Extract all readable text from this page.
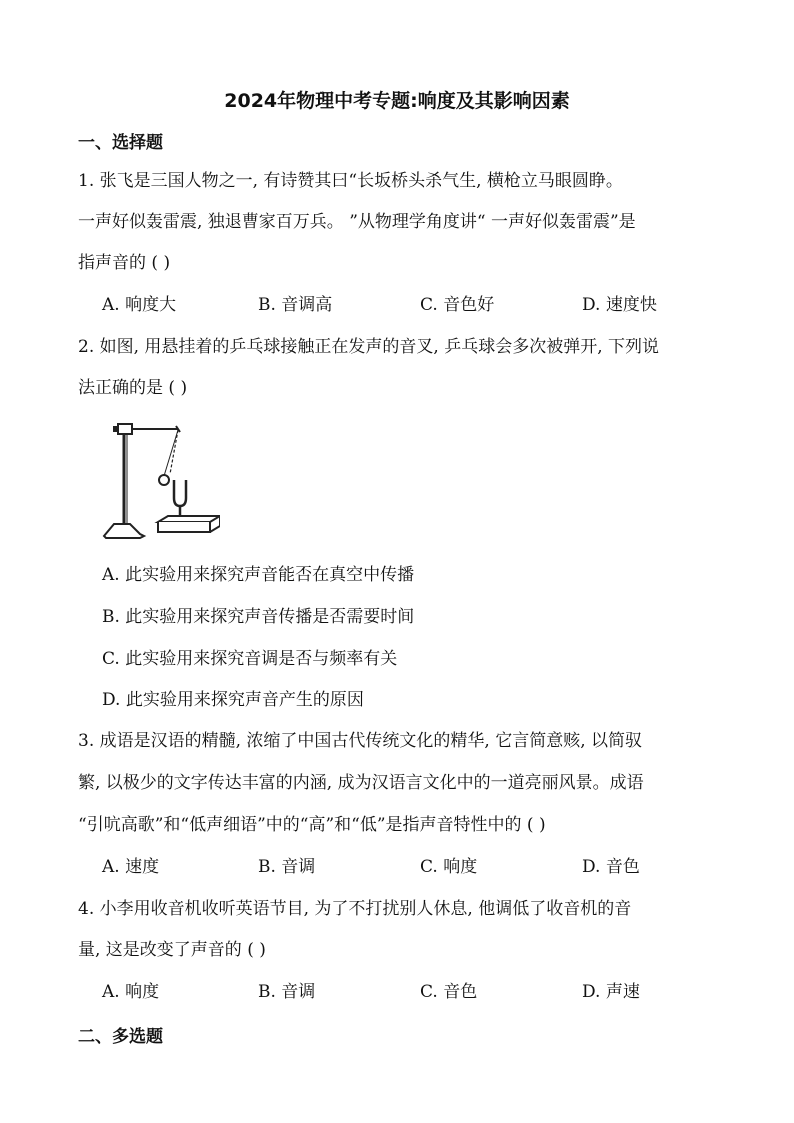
2024年物理中考专题:响度及其影响因素
一、选择题
1. 张飞是三国人物之一, 有诗赞其曰“长坂桥头杀气生, 横枪立马眼圆睁。
一声好似轰雷震, 独退曹家百万兵。 ”从物理学角度讲“ 一声好似轰雷震”是
指声音的 ( )
A. 响度大	B. 音调高	C. 音色好	D. 速度快
2. 如图, 用悬挂着的乒乓球接触正在发声的音叉, 乒乓球会多次被弹开, 下列说
法正确的是 ( )
A. 此实验用来探究声音能否在真空中传播
B. 此实验用来探究声音传播是否需要时间
C. 此实验用来探究音调是否与频率有关
D. 此实验用来探究声音产生的原因
3. 成语是汉语的精髓, 浓缩了中国古代传统文化的精华, 它言简意赅, 以简驭
繁, 以极少的文字传达丰富的内涵, 成为汉语言文化中的一道亮丽风景。成语
“引吭高歌”和“低声细语”中的“高”和“低”是指声音特性中的 ( )
A. 速度	B. 音调	C. 响度	D. 音色
4. 小李用收音机收听英语节目, 为了不打扰别人休息, 他调低了收音机的音
量, 这是改变了声音的 ( )
A. 响度	B. 音调	C. 音色	D. 声速
二、多选题
